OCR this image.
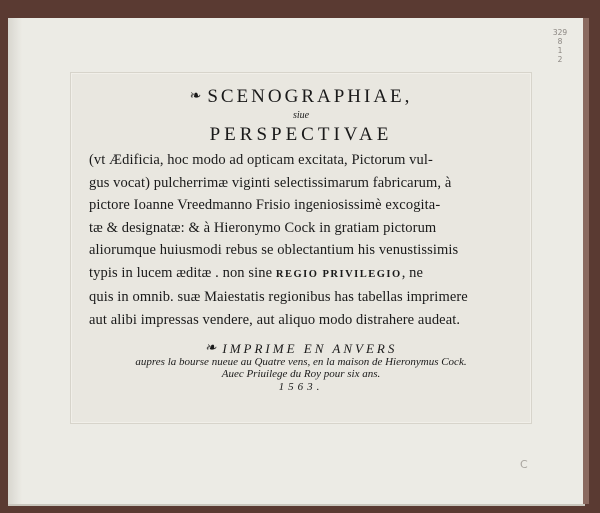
329
8
1
2
❧ SCENOGRAPHIAE,
siue
PERSPECTIVAE
(vt Ædificia, hoc modo ad opticam excitata, Pictorum vul-
gus vocat) pulcherrimæ viginti selectissimarum fabricarum, à
pictore Ioanne Vreedmanno Frisio ingeniosissimè excogita-
tæ & designatæ: & à Hieronymo Cock in gratiam pictorum
aliorumque huiusmodi rebus se oblectantium his venustissimis
typis in lucem æditæ . non sine REGIO PRIVILEGIO, ne
quis in omnib. suæ Maiestatis regionibus has tabellas imprimere
aut alibi impressas vendere, aut aliquo modo distrahere audeat.
❧ IMPRIME EN ANVERS
aupres la bourse nueue au Quatre vens, en la maison de Hieronymus Cock.
Auec Priuilege du Roy pour six ans.
1563.
C
